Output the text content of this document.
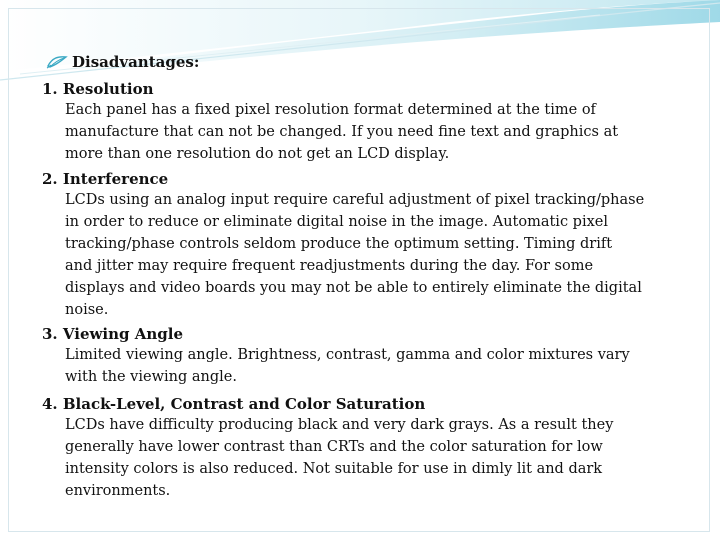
Disadvantages:

1. Resolution

Each panel has a fixed pixel resolution format determined at the time of
manufacture that can not be changed. If you need fine text and graphics at
more than one resolution do not get an LCD display.

2. Interference

LCDs using an analog input require careful adjustment of pixel tracking/phase
in order to reduce or eliminate digital noise in the image. Automatic pixel
tracking/phase controls seldom produce the optimum setting. Timing drift
and jitter may require frequent readjustments during the day. For some
displays and video boards you may not be able to entirely eliminate the digital
noise.

3. Viewing Angle

Limited viewing angle. Brightness, contrast, gamma and color mixtures vary
with the viewing angle.

4. Black-Level, Contrast and Color Saturation

LCDs have difficulty producing black and very dark grays. As a result they
generally have lower contrast than CRTs and the color saturation for low
intensity colors is also reduced. Not suitable for use in dimly lit and dark
environments.
